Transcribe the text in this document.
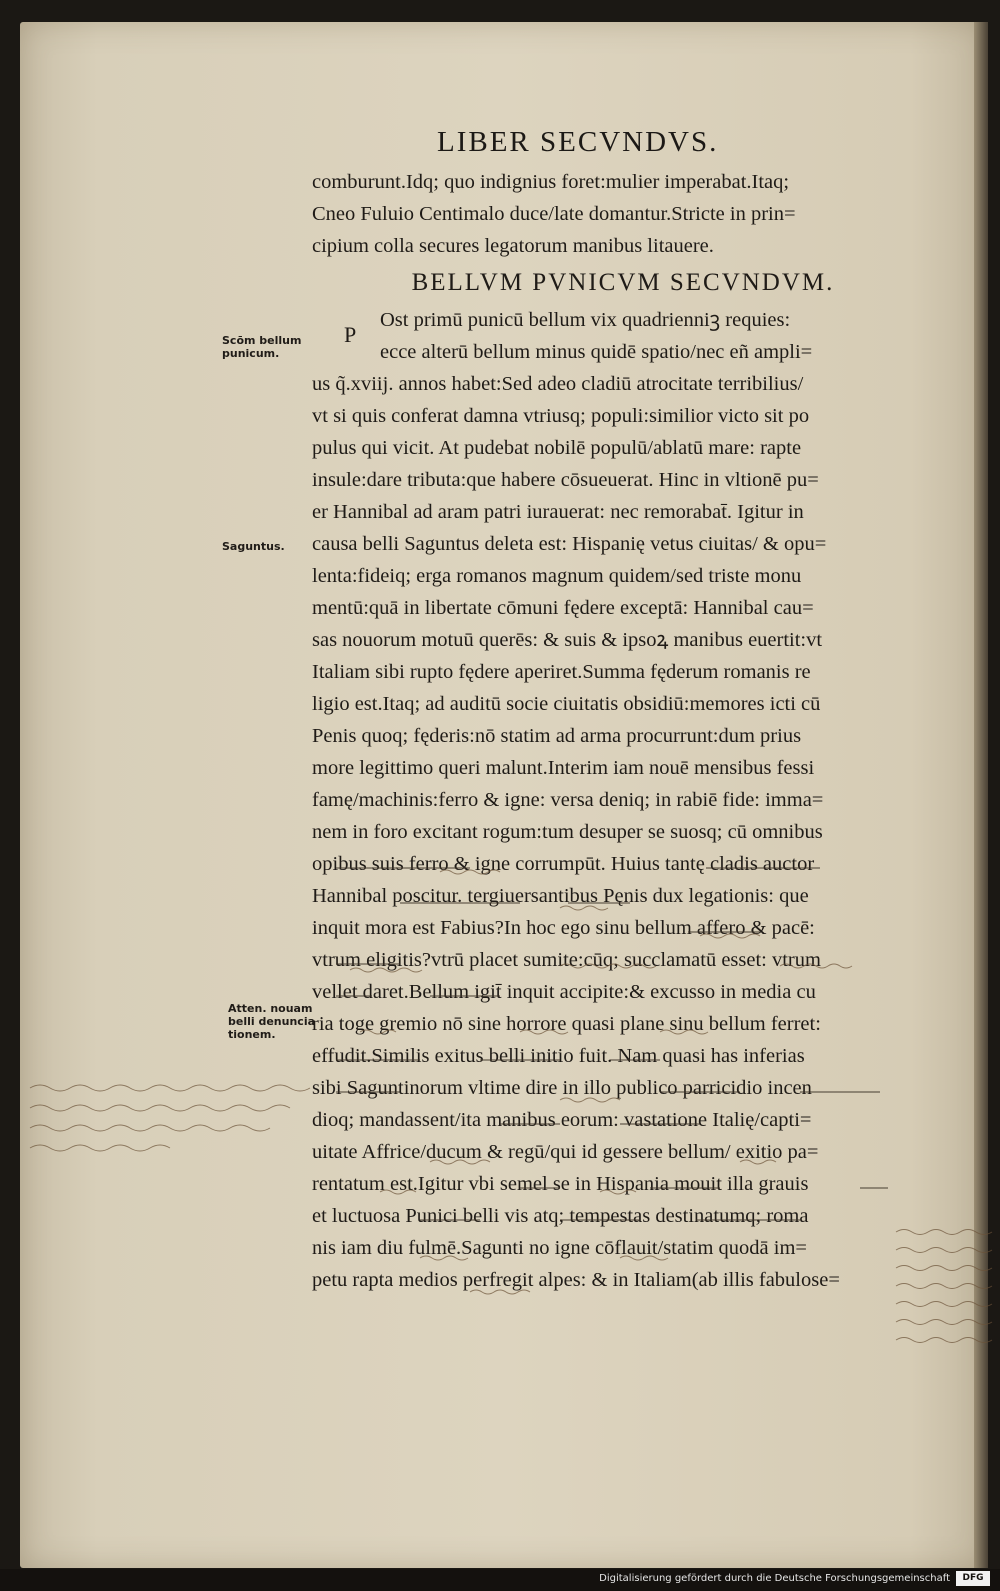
LIBER SECVNDVS.
comburunt.Idq; quo indignius foret:mulier imperabat.Itaq;
Cneo Fuluio Centimalo duce/late domantur.Stricte in prin=
cipium colla secures legatorum manibus litauere.
BELLVM PVNICVM SECVNDVM.
Ost primū punicū bellum vix quadrienniꝫ requies:
ecce alterū bellum minus quidē spatio/nec eñ ampli=
us q̃.xviij. annos habet:Sed adeo cladiū atrocitate terribilius/
vt si quis conferat damna vtriusq; populi:similior victo sit po
pulus qui vicit. At pudebat nobilē populū/ablatū mare: rapte
insule:dare tributa:que habere cōsueuerat. Hinc in vltionē pu=
er Hannibal ad aram patri iurauerat: nec remorabat̄. Igitur in
causa belli Saguntus deleta est: Hispanię vetus ciuitas/ & opu=
lenta:fideiq; erga romanos magnum quidem/sed triste monu
mentū:quā in libertate cōmuni fędere exceptā: Hannibal cau=
sas nouorum motuū querēs: & suis & ipsoꝝ manibus euertit:vt
Italiam sibi rupto fędere aperiret.Summa fęderum romanis re
ligio est.Itaq; ad auditū socie ciuitatis obsidiū:memores icti cū
Penis quoq; fęderis:nō statim ad arma procurrunt:dum prius
more legittimo queri malunt.Interim iam nouē mensibus fessi
famę/machinis:ferro & igne: versa deniq; in rabiē fide: imma=
nem in foro excitant rogum:tum desuper se suosq; cū omnibus
opibus suis ferro & igne corrumpūt. Huius tantę cladis auctor
Hannibal poscitur. tergiuersantibus Pęnis dux legationis: que
inquit mora est Fabius?In hoc ego sinu bellum affero & pacē:
vtrum eligitis?vtrū placet sumite:cūq; succlamatū esset: vtrum
vellet daret.Bellum igit̄ inquit accipite:& excusso in media cu
ria toge gremio nō sine horrore quasi plane sinu bellum ferret:
effudit.Similis exitus belli initio fuit. Nam quasi has inferias
sibi Saguntinorum vltime dire in illo publico parricidio incen
dioq; mandassent/ita manibus eorum: vastatione Italię/capti=
uitate Affrice/ducum & regū/qui id gessere bellum/ exitio pa=
rentatum est.Igitur vbi semel se in Hispania mouit illa grauis
et luctuosa Punici belli vis atq; tempestas destinatumq; roma
nis iam diu fulmē.Sagunti no igne cōflauit/statim quodā im=
petu rapta medios perfregit alpes: & in Italiam(ab illis fabulose=
P
Scōm bellum
punicum.
Saguntus.
Atten. nouam
belli denuncia
tionem.
Digitalisierung gefördert durch die Deutsche Forschungsgemeinschaft	DFG
